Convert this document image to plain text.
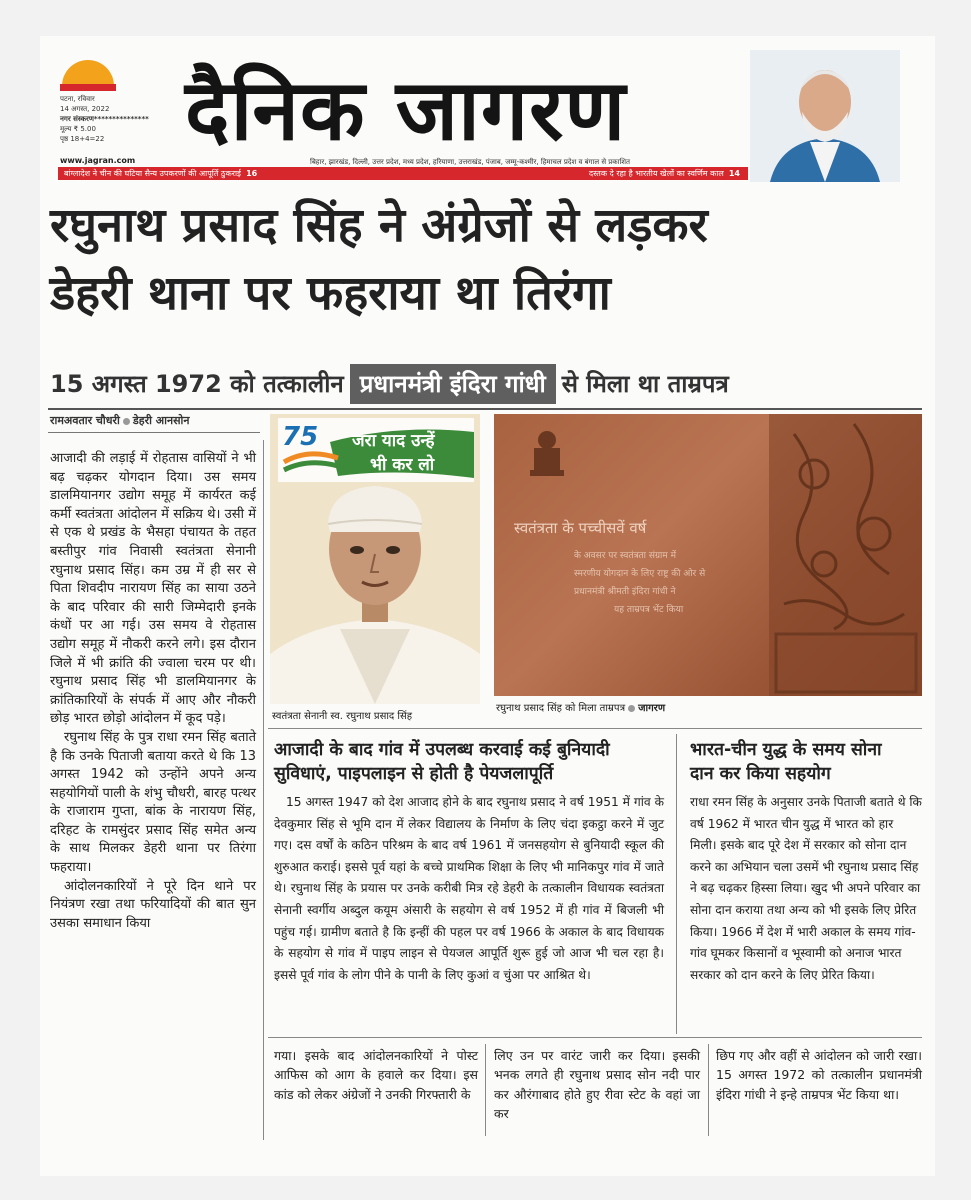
पटना, रविवार
14 अगस्त, 2022
नगर संस्करण***************
मूल्य ₹ 5.00
पृष्ठ 18+4=22
www.jagran.com
दैनिक जागरण
बिहार, झारखंड, दिल्ली, उत्तर प्रदेश, मध्य प्रदेश, हरियाणा, उत्तराखंड, पंजाब, जम्मू-कश्मीर, हिमाचल प्रदेश व बंगाल से प्रकाशित
बांग्लादेश ने चीन की घटिया सैन्य उपकरणों की आपूर्ति ठुकराई 16	दस्तक दे रहा है भारतीय खेलों का स्वर्णिम काल 14
रघुनाथ प्रसाद सिंह ने अंग्रेजों से लड़कर
डेहरी थाना पर फहराया था तिरंगा
15 अगस्त 1972 को तत्कालीन प्रधानमंत्री इंदिरा गांधी से मिला था ताम्रपत्र
रामअवतार चौधरी डेहरी आनसोन

आजादी की लड़ाई में रोहतास वासियों ने भी बढ़ चढ़कर योगदान दिया। उस समय डालमियानगर उद्योग समूह में कार्यरत कई कर्मी स्वतंत्रता आंदोलन में सक्रिय थे। उसी में से एक थे प्रखंड के भैसहा पंचायत के तहत बस्तीपुर गांव निवासी स्वतंत्रता सेनानी रघुनाथ प्रसाद सिंह। कम उम्र में ही सर से पिता शिवदीप नारायण सिंह का साया उठने के बाद परिवार की सारी जिम्मेदारी इनके कंधों पर आ गई। उस समय वे रोहतास उद्योग समूह में नौकरी करने लगे। इस दौरान जिले में भी क्रांति की ज्वाला चरम पर थी। रघुनाथ प्रसाद सिंह भी डालमियानगर के क्रांतिकारियों के संपर्क में आए और नौकरी छोड़ भारत छोड़ो आंदोलन में कूद पड़े।

रघुनाथ सिंह के पुत्र राधा रमन सिंह बताते है कि उनके पिताजी बताया करते थे कि 13 अगस्त 1942 को उन्होंने अपने अन्य सहयोगियों पाली के शंभु चौधरी, बारह पत्थर के राजाराम गुप्ता, बांक के नारायण सिंह, दरिहट के रामसुंदर प्रसाद सिंह समेत अन्य के साथ मिलकर डेहरी थाना पर तिरंगा फहराया।

आंदोलनकारियों ने पूरे दिन थाने पर नियंत्रण रखा तथा फरियादियों की बात सुन उसका समाधान किया

75 जरा याद उन्हें
भी कर लो
स्वतंत्रता सेनानी स्व. रघुनाथ प्रसाद सिंह
स्वतंत्रता के पच्चीसवें वर्ष
के अवसर पर स्वतंत्रता संग्राम में
स्मरणीय योगदान के लिए राष्ट्र की ओर से
प्रधानमंत्री श्रीमती इंदिरा गांधी ने
यह ताम्रपत्र भेंट किया
रघुनाथ प्रसाद सिंह को मिला ताम्रपत्र जागरण
आजादी के बाद गांव में उपलब्ध करवाई कई बुनियादी सुविधाएं, पाइपलाइन से होती है पेयजलापूर्ति

15 अगस्त 1947 को देश आजाद होने के बाद रघुनाथ प्रसाद ने वर्ष 1951 में गांव के देवकुमार सिंह से भूमि दान में लेकर विद्यालय के निर्माण के लिए चंदा इकट्ठा करने में जुट गए। दस वर्षों के कठिन परिश्रम के बाद वर्ष 1961 में जनसहयोग से बुनियादी स्कूल की शुरुआत कराई। इससे पूर्व यहां के बच्चे प्राथमिक शिक्षा के लिए भी मानिकपुर गांव में जाते थे। रघुनाथ सिंह के प्रयास पर उनके करीबी मित्र रहे डेहरी के तत्कालीन विधायक स्वतंत्रता सेनानी स्वर्गीय अब्दुल कयूम अंसारी के सहयोग से वर्ष 1952 में ही गांव में बिजली भी पहुंच गई। ग्रामीण बताते है कि इन्हीं की पहल पर वर्ष 1966 के अकाल के बाद विधायक के सहयोग से गांव में पाइप लाइन से पेयजल आपूर्ति शुरू हुई जो आज भी चल रहा है। इससे पूर्व गांव के लोग पीने के पानी के लिए कुआं व चुंआ पर आश्रित थे।

भारत-चीन युद्ध के समय सोना दान कर किया सहयोग

राधा रमन सिंह के अनुसार उनके पिताजी बताते थे कि वर्ष 1962 में भारत चीन युद्ध में भारत को हार मिली। इसके बाद पूरे देश में सरकार को सोना दान करने का अभियान चला उसमें भी रघुनाथ प्रसाद सिंह ने बढ़ चढ़कर हिस्सा लिया। खुद भी अपने परिवार का सोना दान कराया तथा अन्य को भी इसके लिए प्रेरित किया। 1966 में देश में भारी अकाल के समय गांव-गांव घूमकर किसानों व भूस्वामी को अनाज भारत सरकार को दान करने के लिए प्रेरित किया।

गया। इसके बाद आंदोलनकारियों ने पोस्ट आफिस को आग के हवाले कर दिया। इस कांड को लेकर अंग्रेजों ने उनकी गिरफ्तारी के
लिए उन पर वारंट जारी कर दिया। इसकी भनक लगते ही रघुनाथ प्रसाद सोन नदी पार कर औरंगाबाद होते हुए रीवा स्टेट के वहां जा कर
छिप गए और वहीं से आंदोलन को जारी रखा। 15 अगस्त 1972 को तत्कालीन प्रधानमंत्री इंदिरा गांधी ने इन्हे ताम्रपत्र भेंट किया था।
